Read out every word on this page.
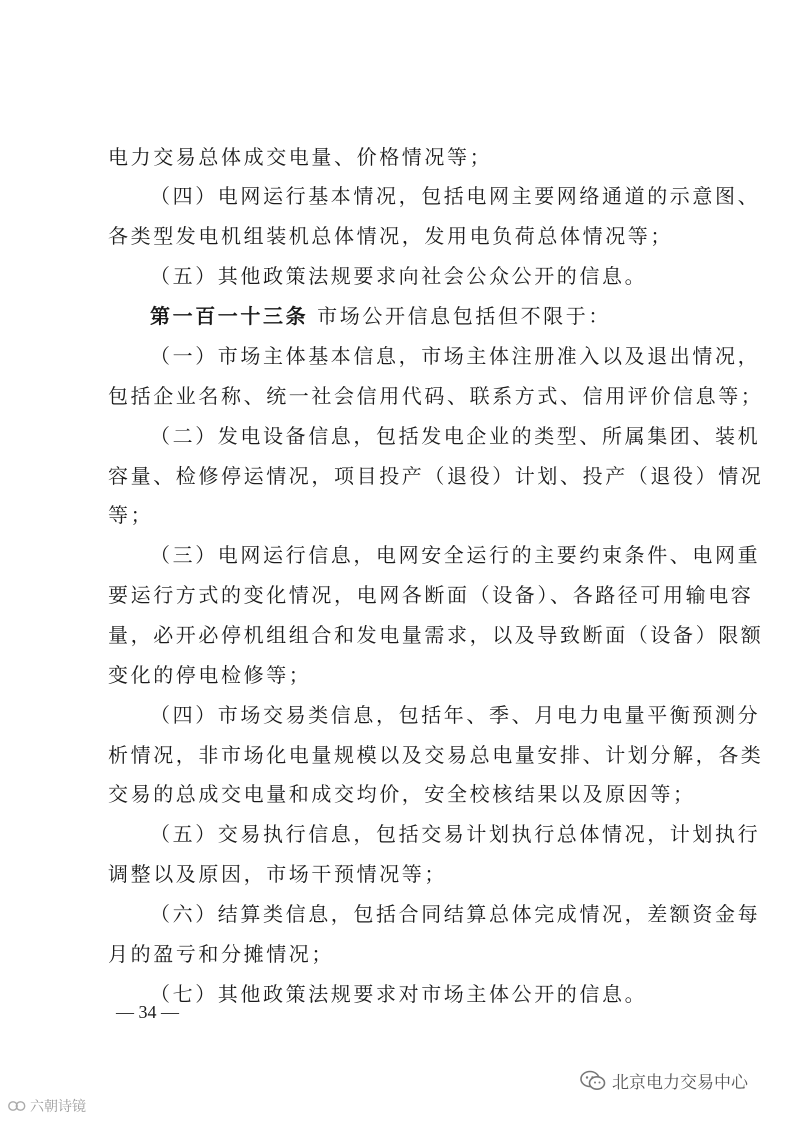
电力交易总体成交电量、价格情况等；
（四）电网运行基本情况，包括电网主要网络通道的示意图、
各类型发电机组装机总体情况，发用电负荷总体情况等；
（五）其他政策法规要求向社会公众公开的信息。
第一百一十三条 市场公开信息包括但不限于：
（一）市场主体基本信息，市场主体注册准入以及退出情况，
包括企业名称、统一社会信用代码、联系方式、信用评价信息等；
（二）发电设备信息，包括发电企业的类型、所属集团、装机
容量、检修停运情况，项目投产（退役）计划、投产（退役）情况
等；
（三）电网运行信息，电网安全运行的主要约束条件、电网重
要运行方式的变化情况，电网各断面（设备）、各路径可用输电容
量，必开必停机组组合和发电量需求，以及导致断面（设备）限额
变化的停电检修等；
（四）市场交易类信息，包括年、季、月电力电量平衡预测分
析情况，非市场化电量规模以及交易总电量安排、计划分解，各类
交易的总成交电量和成交均价，安全校核结果以及原因等；
（五）交易执行信息，包括交易计划执行总体情况，计划执行
调整以及原因，市场干预情况等；
（六）结算类信息，包括合同结算总体完成情况，差额资金每
月的盈亏和分摊情况；
（七）其他政策法规要求对市场主体公开的信息。
— 34 —
北京电力交易中心
六朝诗镜
